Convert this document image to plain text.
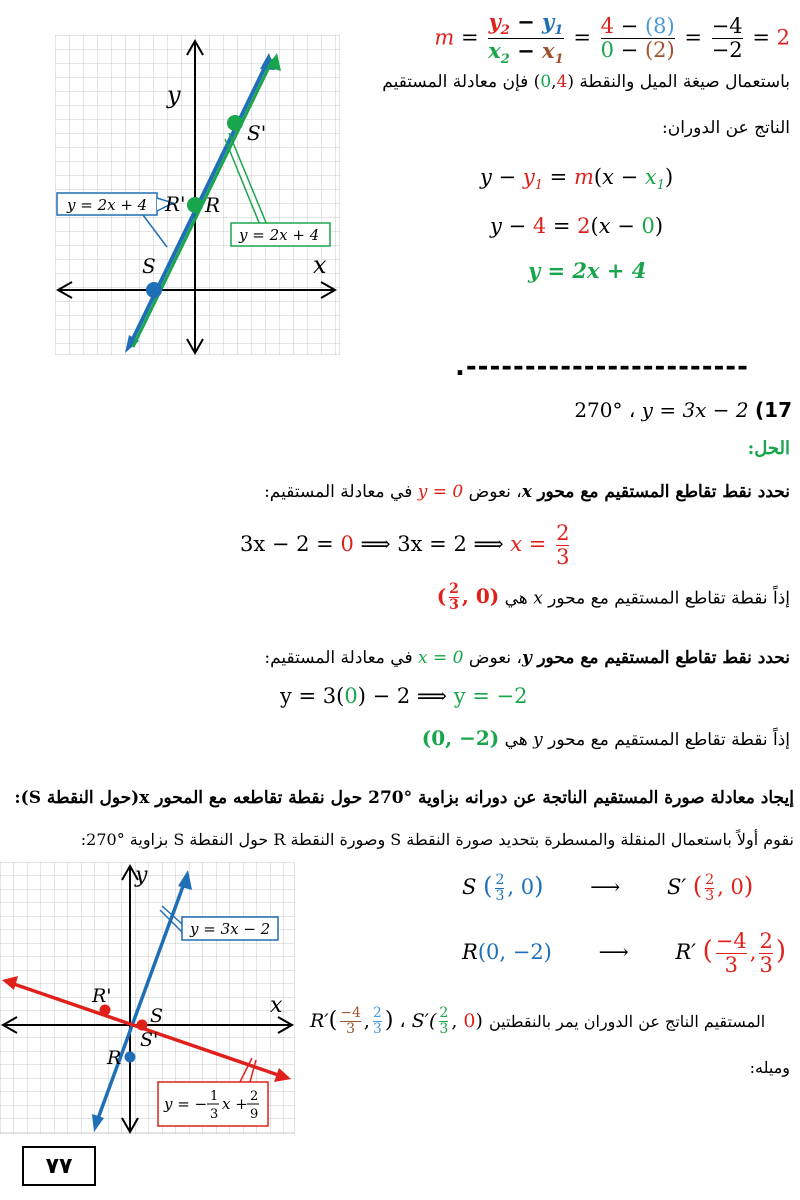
y
x
S'
R' R
S
y = 2x + 4
y = 2x + 4
$m = \frac{y_2 - y_1}{x_2 - x_1} = \frac{4 - (8)}{0 - (2)} = \frac{-4}{-2} = 2$
باستعمال صيغة الميل والنقطة (0,4) فإن معادلة المستقيم
الناتج عن الدوران:
$y - y_1 = m(x - x_1)$
y − 4 = 2(x − 0)
y = 2x + 4
.------------------------
270° ، y = 3x − 2 (17
الحل:
نحدد نقط تقاطع المستقيم مع محور x، نعوض y = 0 في معادلة المستقيم:
3x − 2 = 0 ⟹ 3x = 2 ⟹ $x = \frac{2}{3}$
إذاً نقطة تقاطع المستقيم مع محور x هي ( $\frac{2}{3}$ , 0)
نحدد نقط تقاطع المستقيم مع محور y، نعوض x = 0 في معادلة المستقيم:
y = 3(0) − 2 ⟹ y = −2
إذاً نقطة تقاطع المستقيم مع محور y هي (0, −2)
إيجاد معادلة صورة المستقيم الناتجة عن دورانه بزاوية °270 حول نقطة تقاطعه مع المحور x(حول النقطة S):
نقوم أولاً باستعمال المنقلة والمسطرة بتحديد صورة النقطة S وصورة النقطة R حول النقطة S بزاوية °270:
y
x
R'
S
S'
R
y = 3x − 2
y = − 1
3
x + 2
9
S ( $\frac{2}{3}$ , 0) ⟶ S′ ( $\frac{2}{3}$ , 0)
R(0, −2) ⟶ R′ ( $\frac{-4}{3}$ , $\frac{2}{3}$ )
$R'( \frac{-4}{3}$ , $\frac{2}{3}$ ) ، $S'( \frac{2}{3}$ , 0) المستقيم الناتج عن الدوران يمر بالنقطتين
وميله:
٧٧
